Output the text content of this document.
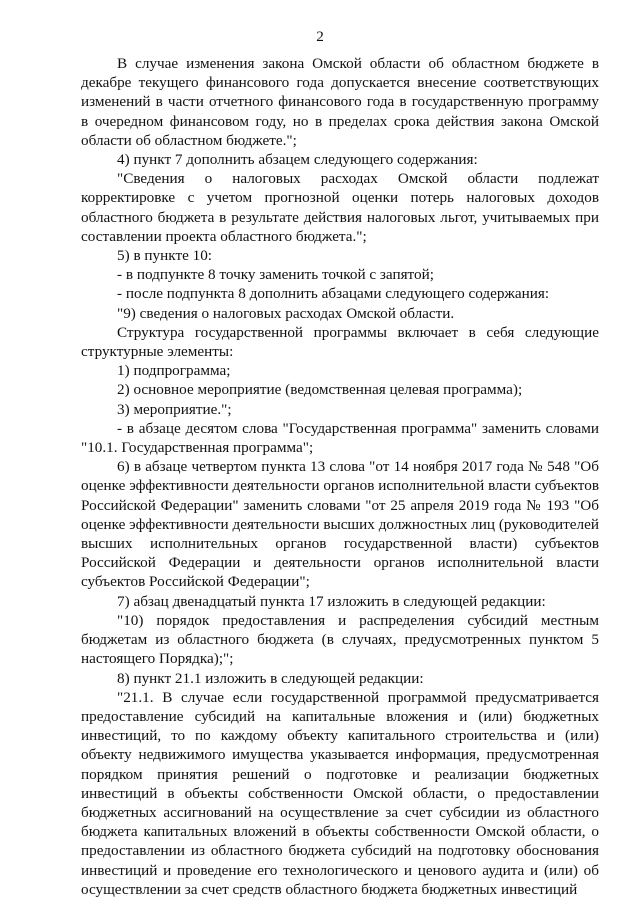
2

В случае изменения закона Омской области об областном бюджете в декабре текущего финансового года допускается внесение соответствующих изменений в части отчетного финансового года в государственную программу в очередном финансовом году, но в пределах срока действия закона Омской области об областном бюджете.";

4) пункт 7 дополнить абзацем следующего содержания:

"Сведения о налоговых расходах Омской области подлежат корректировке с учетом прогнозной оценки потерь налоговых доходов областного бюджета в результате действия налоговых льгот, учитываемых при составлении проекта областного бюджета.";

5) в пункте 10:

- в подпункте 8 точку заменить точкой с запятой;

- после подпункта 8 дополнить абзацами следующего содержания:

"9) сведения о налоговых расходах Омской области.

Структура государственной программы включает в себя следующие структурные элементы:

1) подпрограмма;

2) основное мероприятие (ведомственная целевая программа);

3) мероприятие.";

- в абзаце десятом слова "Государственная программа" заменить словами "10.1. Государственная программа";

6) в абзаце четвертом пункта 13 слова "от 14 ноября 2017 года № 548 "Об оценке эффективности деятельности органов исполнительной власти субъектов Российской Федерации" заменить словами "от 25 апреля 2019 года № 193 "Об оценке эффективности деятельности высших должностных лиц (руководителей высших исполнительных органов государственной власти) субъектов Российской Федерации и деятельности органов исполнительной власти субъектов Российской Федерации";

7) абзац двенадцатый пункта 17 изложить в следующей редакции:

"10) порядок предоставления и распределения субсидий местным бюджетам из областного бюджета (в случаях, предусмотренных пунктом 5 настоящего Порядка);";

8) пункт 21.1 изложить в следующей редакции:

"21.1. В случае если государственной программой предусматривается предоставление субсидий на капитальные вложения и (или) бюджетных инвестиций, то по каждому объекту капитального строительства и (или) объекту недвижимого имущества указывается информация, предусмотренная порядком принятия решений о подготовке и реализации бюджетных инвестиций в объекты собственности Омской области, о предоставлении бюджетных ассигнований на осуществление за счет субсидии из областного бюджета капитальных вложений в объекты собственности Омской области, о предоставлении из областного бюджета субсидий на подготовку обоснования инвестиций и проведение его технологического и ценового аудита и (или) об осуществлении за счет средств областного бюджета бюджетных инвестиций
